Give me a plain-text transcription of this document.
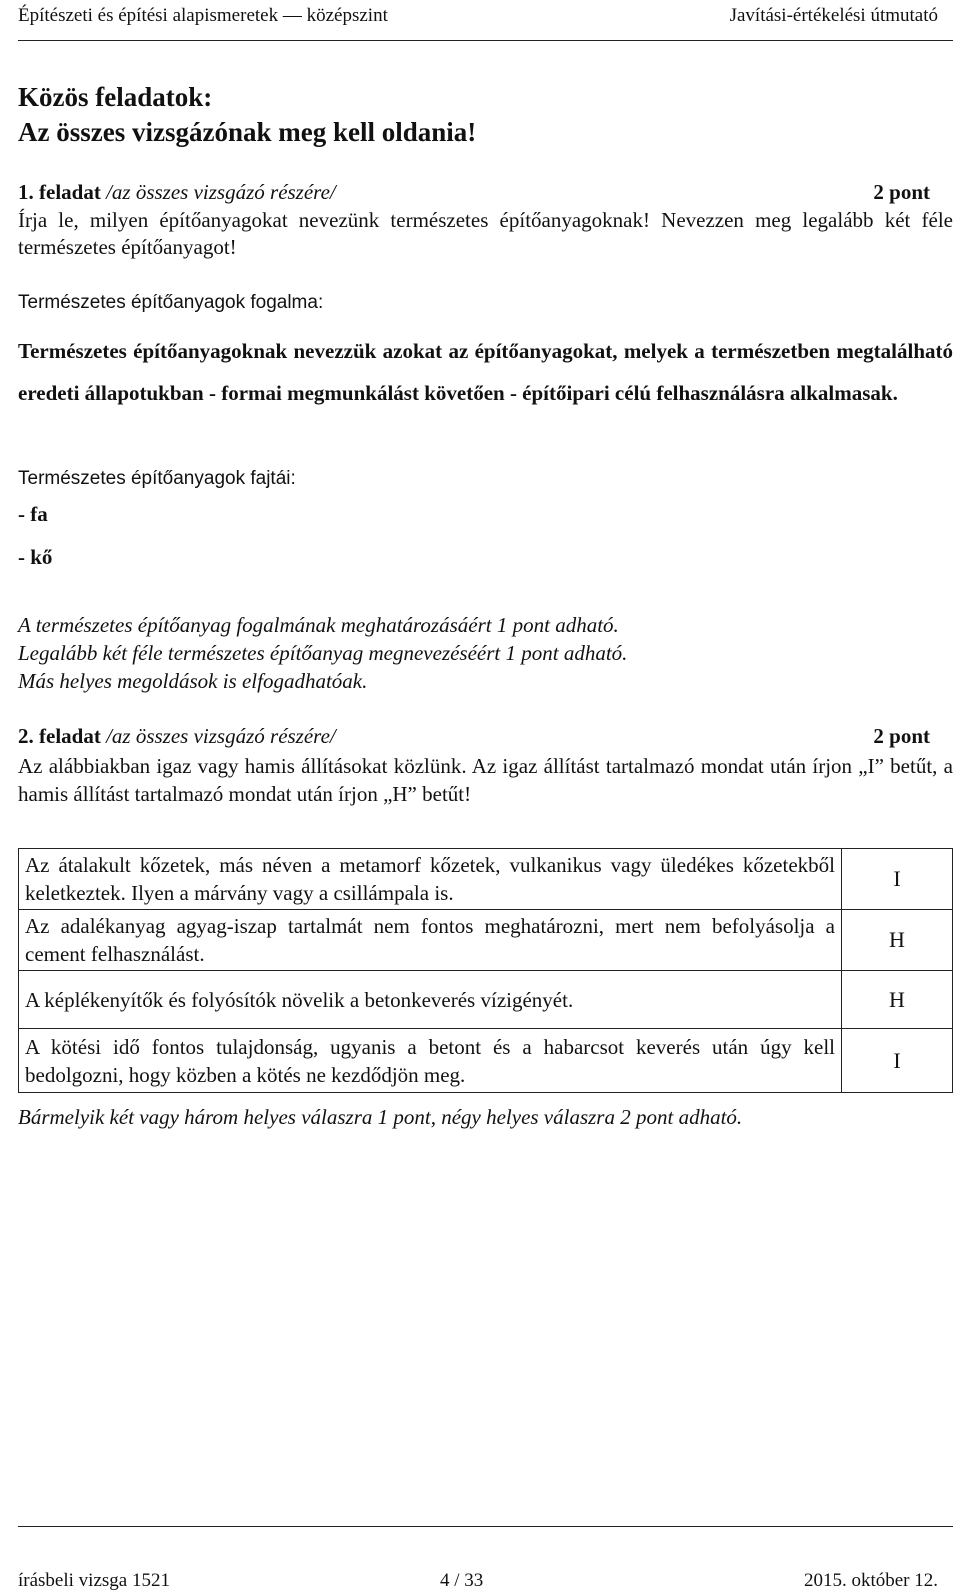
Építészeti és építési alapismeretek — középszint	Javítási-értékelési útmutató
Közös feladatok:
Az összes vizsgázónak meg kell oldania!
1. feladat /az összes vizsgázó részére/	2 pont
Írja le, milyen építőanyagokat nevezünk természetes építőanyagoknak! Nevezzen meg legalább két féle természetes építőanyagot!
Természetes építőanyagok fogalma:
Természetes építőanyagoknak nevezzük azokat az építőanyagokat, melyek a természetben megtalálható eredeti állapotukban - formai megmunkálást követően - építőipari célú felhasználásra alkalmasak.
Természetes építőanyagok fajtái:
- fa
- kő
A természetes építőanyag fogalmának meghatározásáért 1 pont adható.
Legalább két féle természetes építőanyag megnevezéséért 1 pont adható.
Más helyes megoldások is elfogadhatóak.
2. feladat /az összes vizsgázó részére/	2 pont
Az alábbiakban igaz vagy hamis állításokat közlünk. Az igaz állítást tartalmazó mondat után írjon „I” betűt, a hamis állítást tartalmazó mondat után írjon „H” betűt!
Az átalakult kőzetek, más néven a metamorf kőzetek, vulkanikus vagy üledékes kőzetekből keletkeztek. Ilyen a márvány vagy a csillámpala is.	I
Az adalékanyag agyag-iszap tartalmát nem fontos meghatározni, mert nem befolyásolja a cement felhasználást.	H
A képlékenyítők és folyósítók növelik a betonkeverés vízigényét.	H
A kötési idő fontos tulajdonság, ugyanis a betont és a habarcsot keverés után úgy kell bedolgozni, hogy közben a kötés ne kezdődjön meg.	I
Bármelyik két vagy három helyes válaszra 1 pont, négy helyes válaszra 2 pont adható.
írásbeli vizsga 1521	4 / 33	2015. október 12.
